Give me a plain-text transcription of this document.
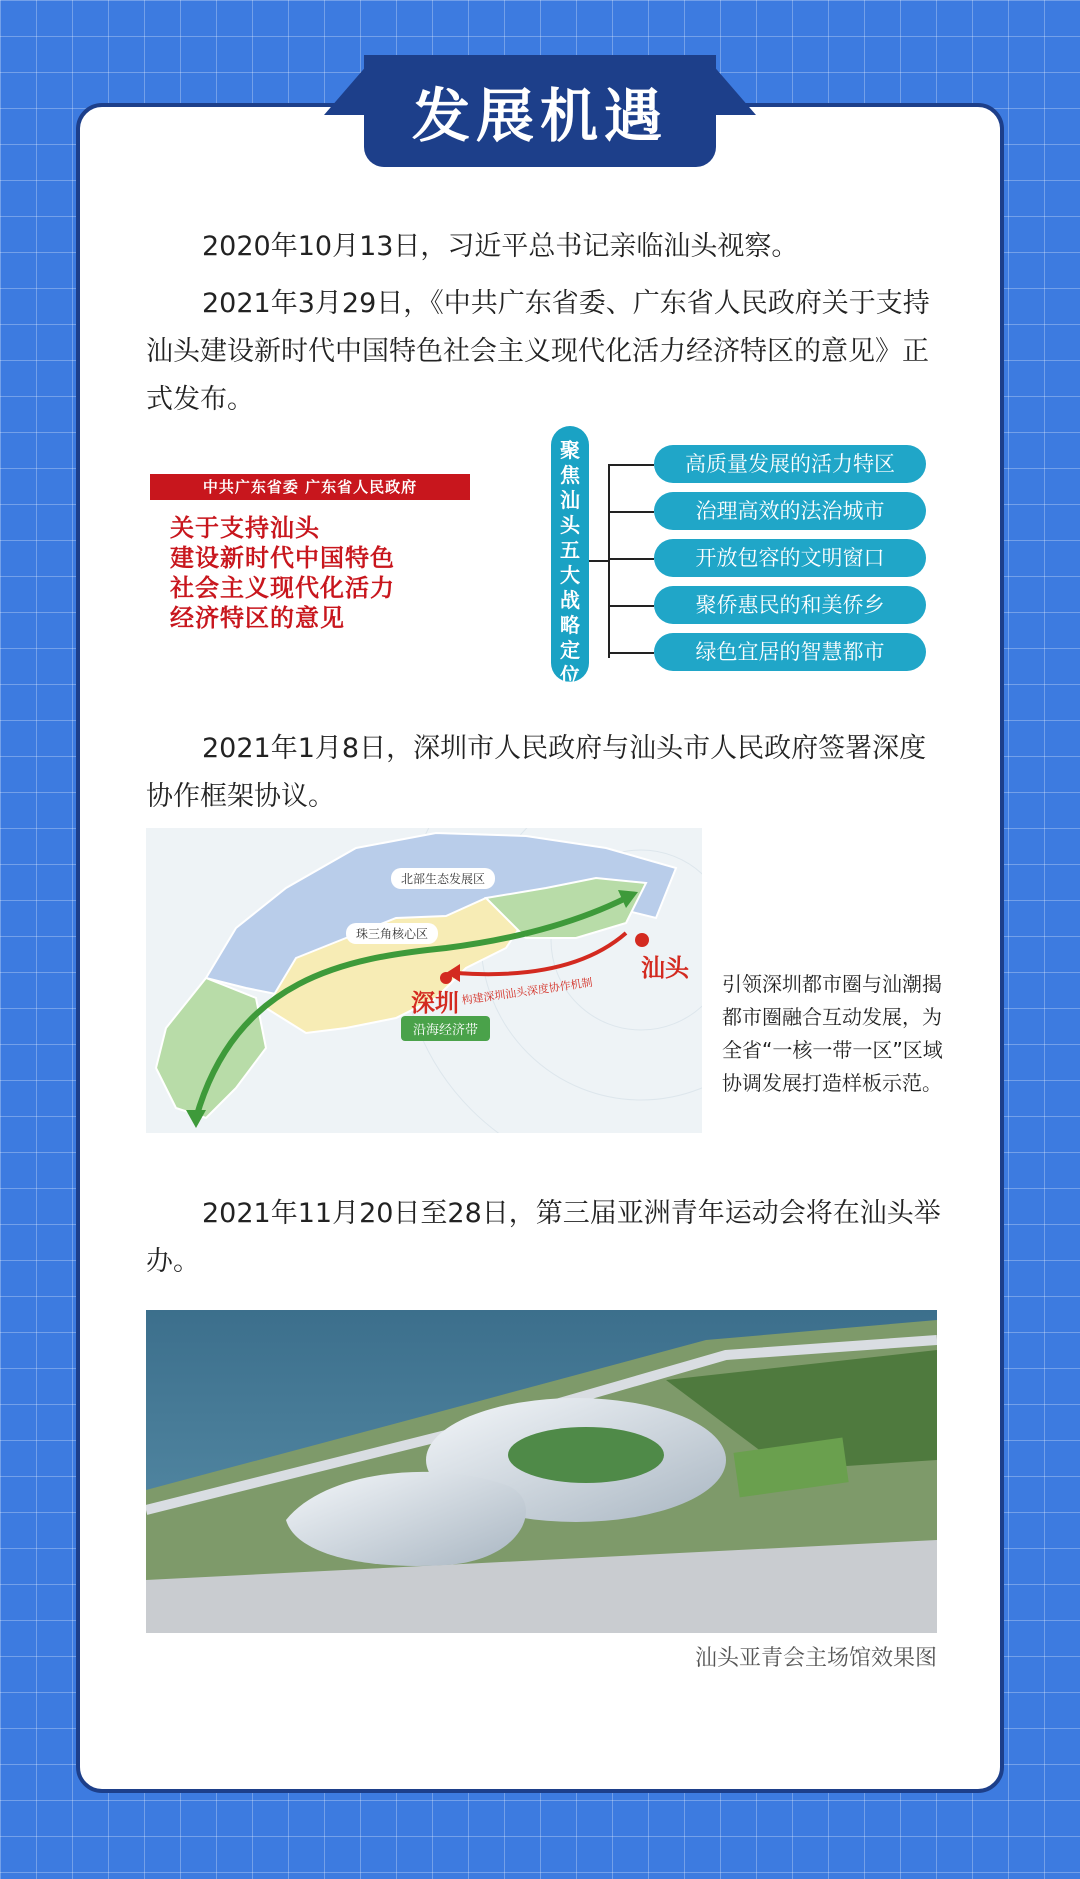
发展机遇

2020年10月13日，习近平总书记亲临汕头视察。

2021年3月29日，《中共广东省委、广东省人民政府关于支持汕头建设新时代中国特色社会主义现代化活力经济特区的意见》正式发布。

中共广东省委 广东省人民政府
关于支持汕头
建设新时代中国特色
社会主义现代化活力
经济特区的意见
聚焦汕头五大战略定位
高质量发展的活力特区
治理高效的法治城市
开放包容的文明窗口
聚侨惠民的和美侨乡
绿色宜居的智慧都市

2021年1月8日，深圳市人民政府与汕头市人民政府签署深度协作框架协议。

北部生态发展区
珠三角核心区
沿海经济带
深圳
汕头
构建深圳汕头深度协作机制	引领深圳都市圈与汕潮揭都市圈融合互动发展，为全省“一核一带一区”区域协调发展打造样板示范。

2021年11月20日至28日，第三届亚洲青年运动会将在汕头举办。

汕头亚青会主场馆效果图
